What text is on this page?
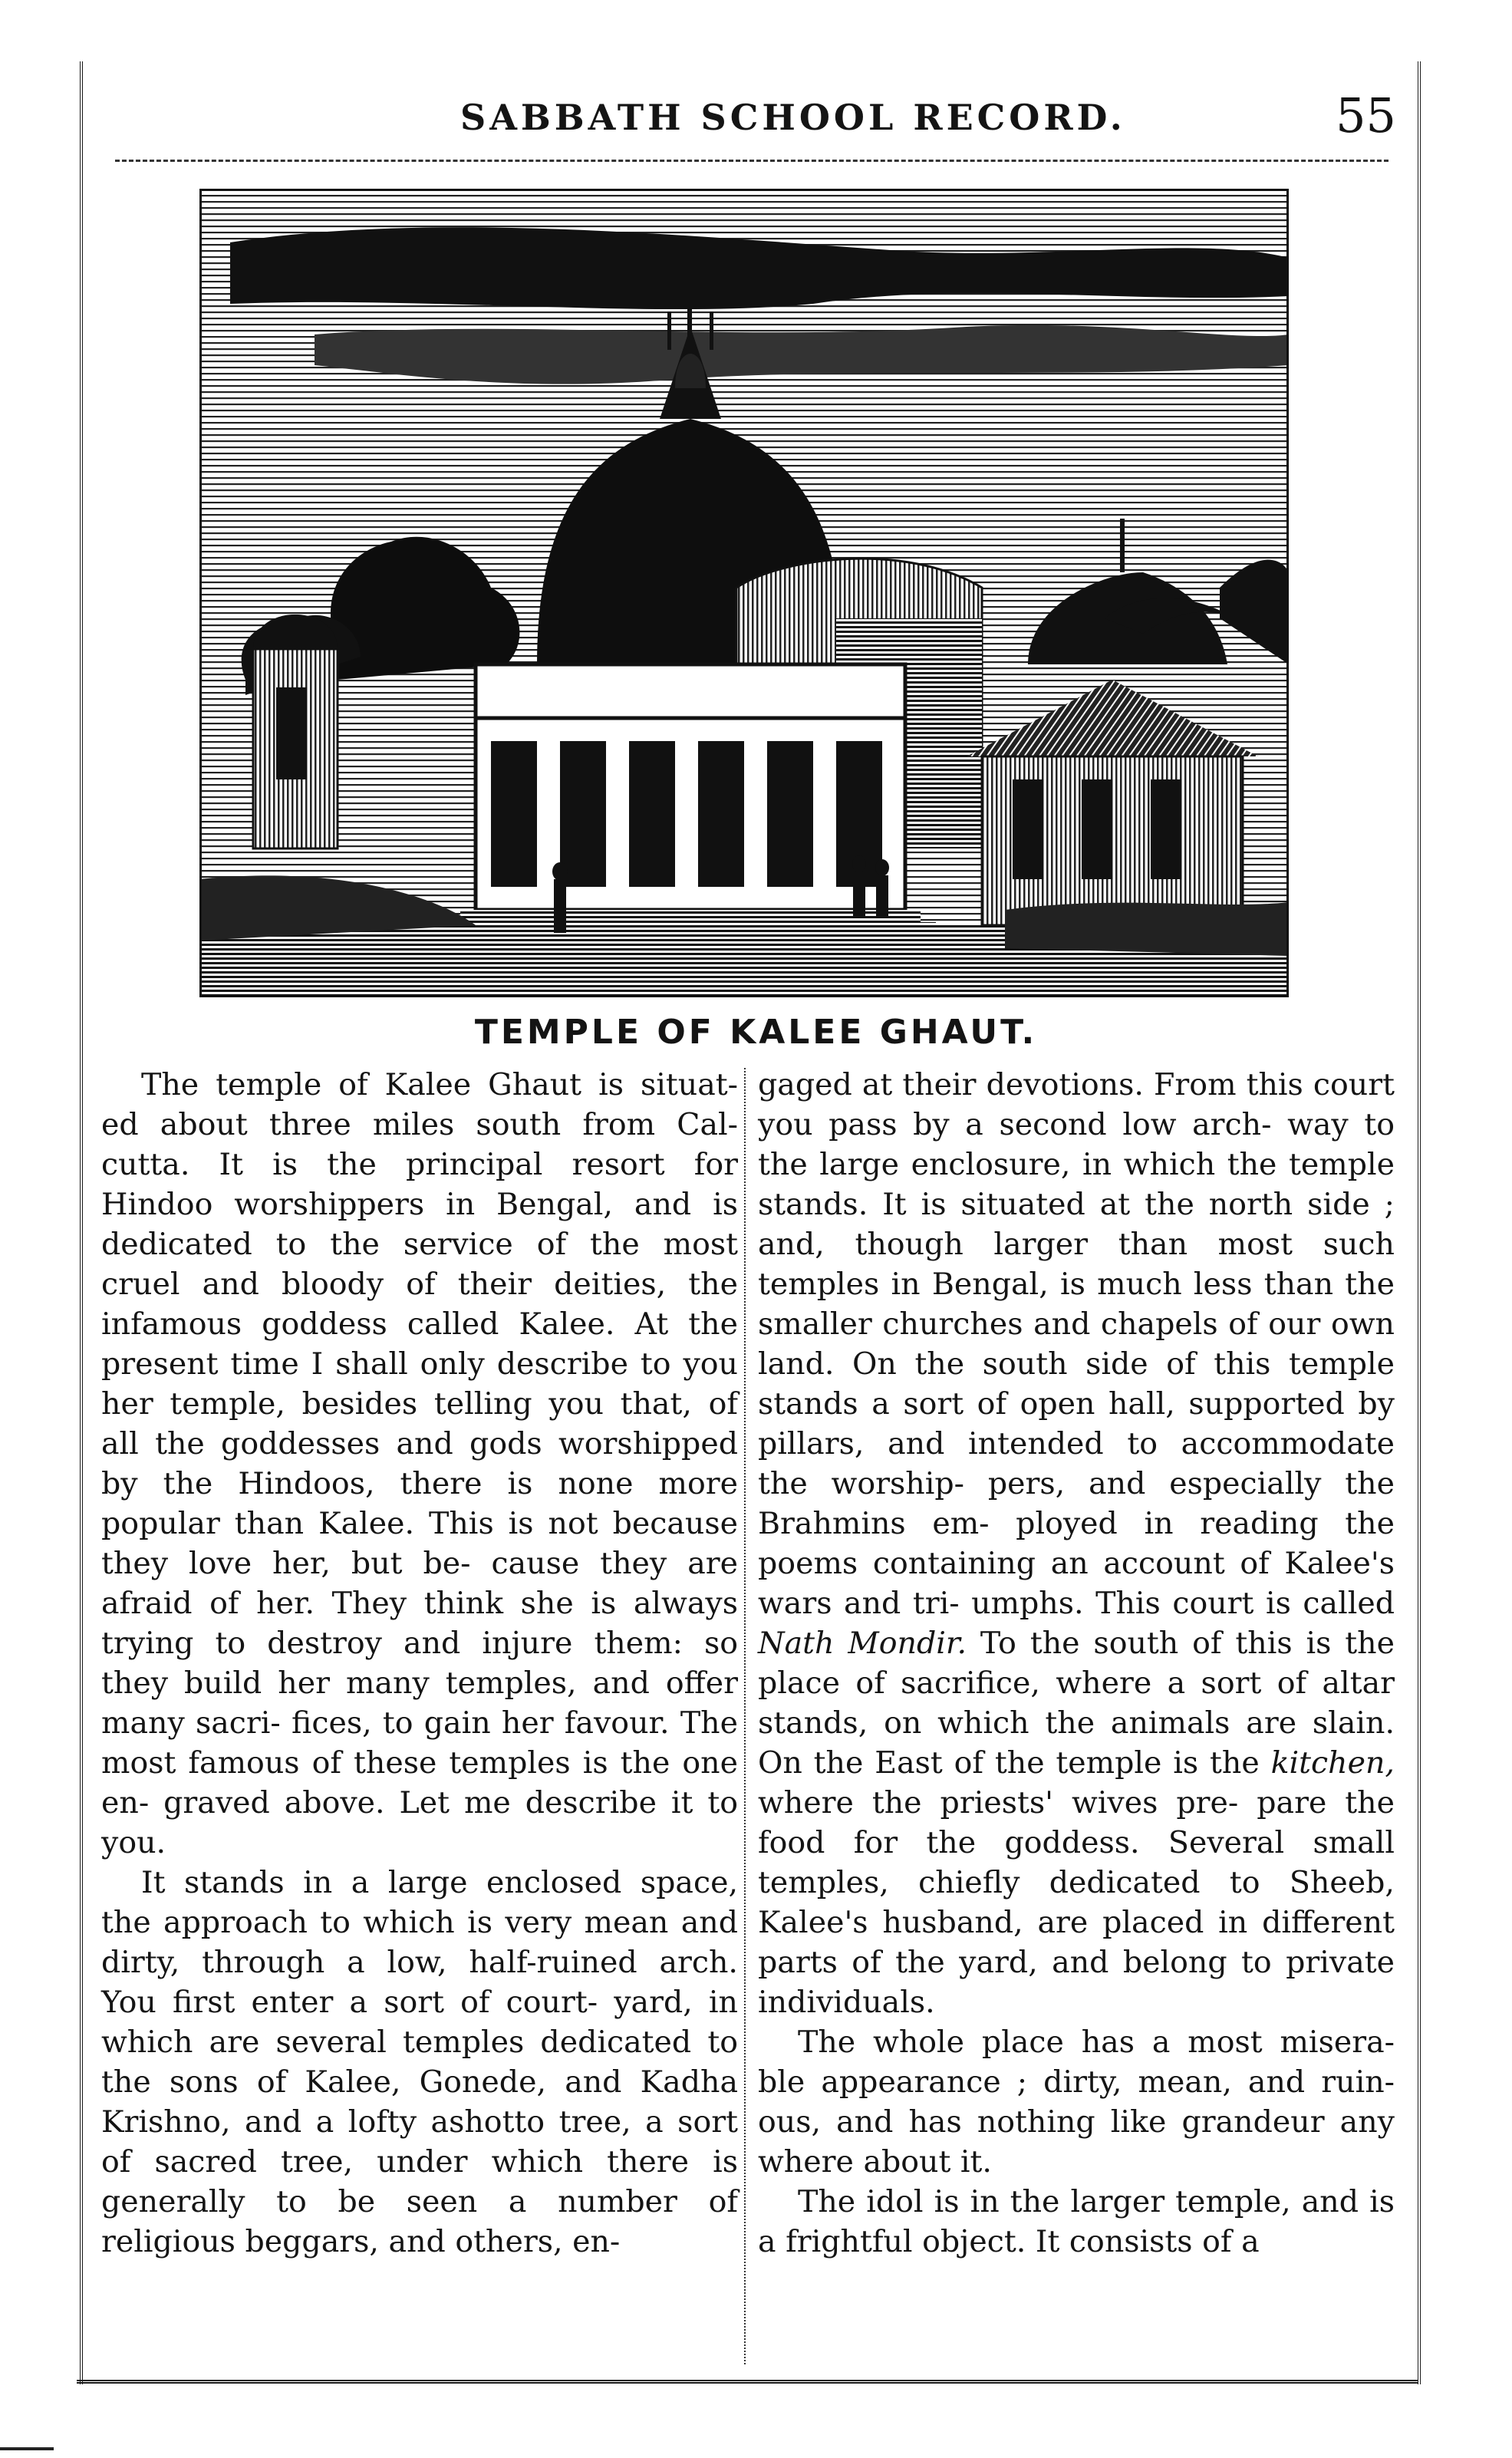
SABBATH SCHOOL RECORD.	55
TEMPLE OF KALEE GHAUT.

The temple of Kalee Ghaut is situat- ed about three miles south from Cal- cutta. It is the principal resort for Hindoo worshippers in Bengal, and is dedicated to the service of the most cruel and bloody of their deities, the infamous goddess called Kalee. At the present time I shall only describe to you her temple, besides telling you that, of all the goddesses and gods worshipped by the Hindoos, there is none more popular than Kalee. This is not because they love her, but be- cause they are afraid of her. They think she is always trying to destroy and injure them: so they build her many temples, and offer many sacri- fices, to gain her favour. The most famous of these temples is the one en- graved above. Let me describe it to you.

It stands in a large enclosed space, the approach to which is very mean and dirty, through a low, half-ruined arch. You first enter a sort of court- yard, in which are several temples dedicated to the sons of Kalee, Gonede, and Kadha Krishno, and a lofty ashotto tree, a sort of sacred tree, under which there is generally to be seen a number of religious beggars, and others, en-

gaged at their devotions. From this court you pass by a second low arch- way to the large enclosure, in which the temple stands. It is situated at the north side ; and, though larger than most such temples in Bengal, is much less than the smaller churches and chapels of our own land. On the south side of this temple stands a sort of open hall, supported by pillars, and intended to accommodate the worship- pers, and especially the Brahmins em- ployed in reading the poems containing an account of Kalee's wars and tri- umphs. This court is called Nath Mondir. To the south of this is the place of sacrifice, where a sort of altar stands, on which the animals are slain. On the East of the temple is the kitchen, where the priests' wives pre- pare the food for the goddess. Several small temples, chiefly dedicated to Sheeb, Kalee's husband, are placed in different parts of the yard, and belong to private individuals.

The whole place has a most misera- ble appearance ; dirty, mean, and ruin- ous, and has nothing like grandeur any where about it.

The idol is in the larger temple, and is a frightful object. It consists of a
